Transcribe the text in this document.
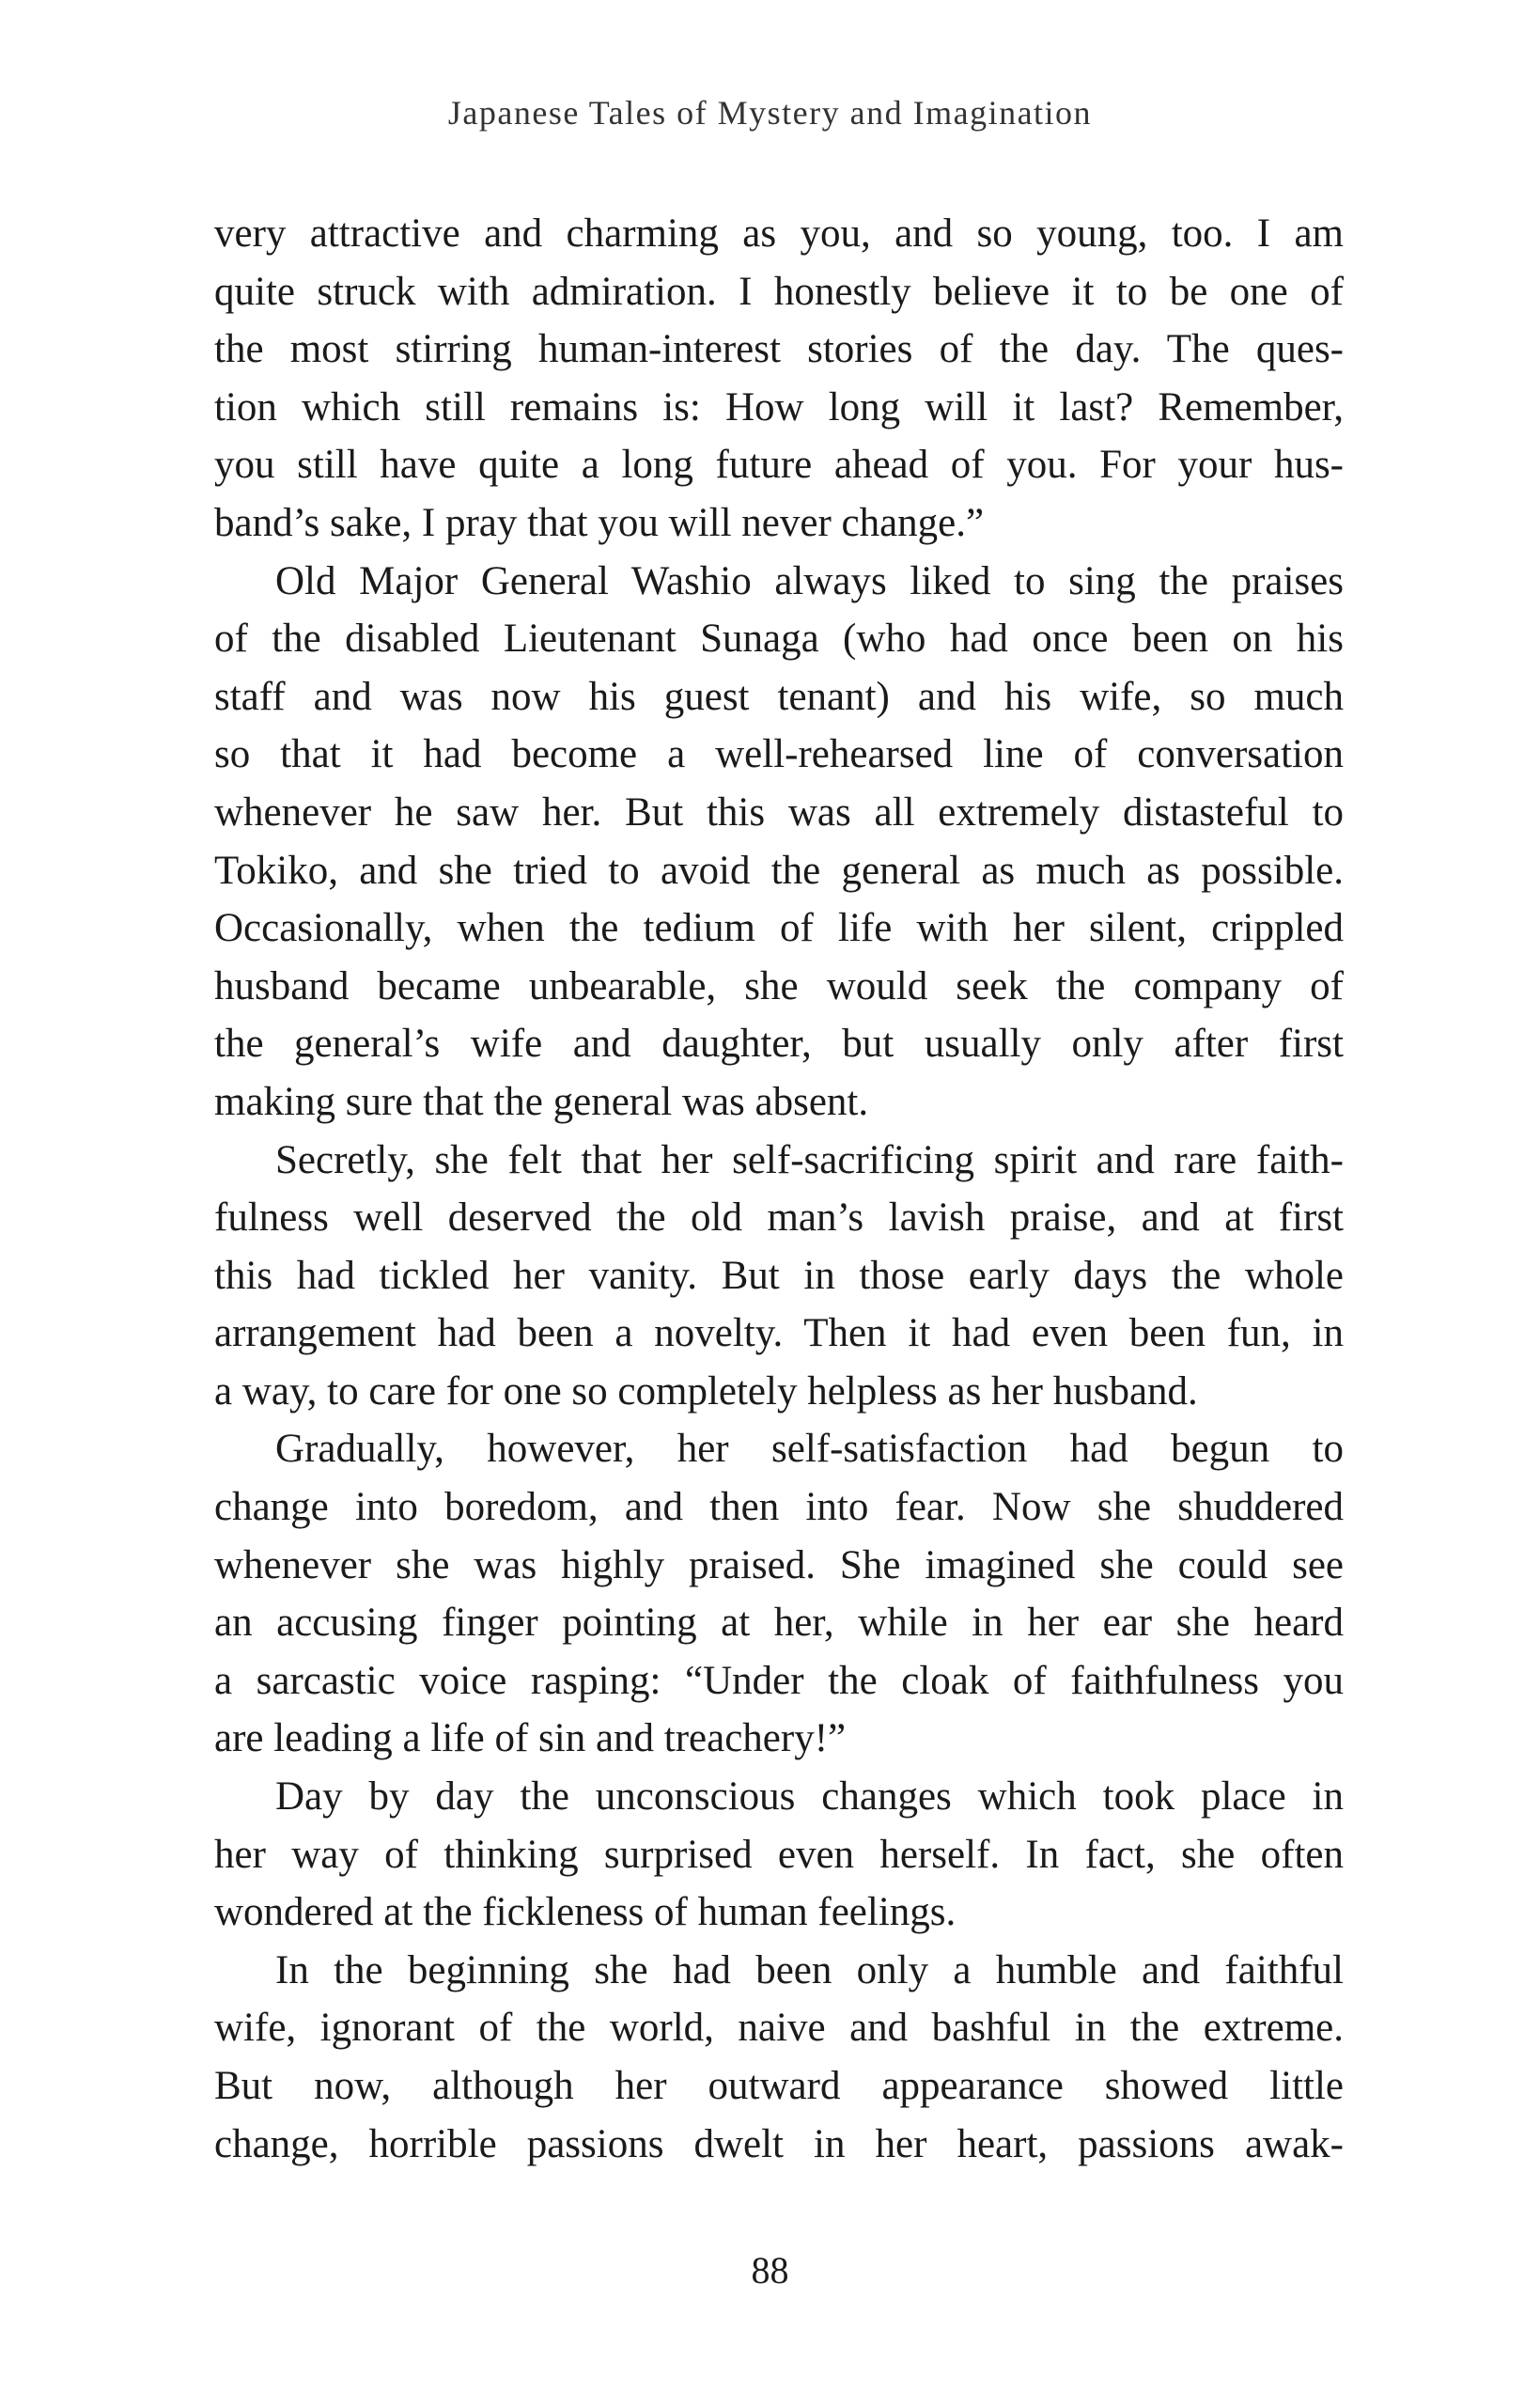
Japanese Tales of Mystery and Imagination
very attractive and charming as you, and so young, too. I am
quite struck with admiration. I honestly believe it to be one of
the most stirring human-interest stories of the day. The ques-
tion which still remains is: How long will it last? Remember,
you still have quite a long future ahead of you. For your hus-
band’s sake, I pray that you will never change.”
Old Major General Washio always liked to sing the praises
of the disabled Lieutenant Sunaga (who had once been on his
staff and was now his guest tenant) and his wife, so much
so that it had become a well-rehearsed line of conversation
whenever he saw her. But this was all extremely distasteful to
Tokiko, and she tried to avoid the general as much as possible.
Occasionally, when the tedium of life with her silent, crippled
husband became unbearable, she would seek the company of
the general’s wife and daughter, but usually only after first
making sure that the general was absent.
Secretly, she felt that her self-sacrificing spirit and rare faith-
fulness well deserved the old man’s lavish praise, and at first
this had tickled her vanity. But in those early days the whole
arrangement had been a novelty. Then it had even been fun, in
a way, to care for one so completely helpless as her husband.
Gradually, however, her self-satisfaction had begun to
change into boredom, and then into fear. Now she shuddered
whenever she was highly praised. She imagined she could see
an accusing finger pointing at her, while in her ear she heard
a sarcastic voice rasping: “Under the cloak of faithfulness you
are leading a life of sin and treachery!”
Day by day the unconscious changes which took place in
her way of thinking surprised even herself. In fact, she often
wondered at the fickleness of human feelings.
In the beginning she had been only a humble and faithful
wife, ignorant of the world, naive and bashful in the extreme.
But now, although her outward appearance showed little
change, horrible passions dwelt in her heart, passions awak-
88
